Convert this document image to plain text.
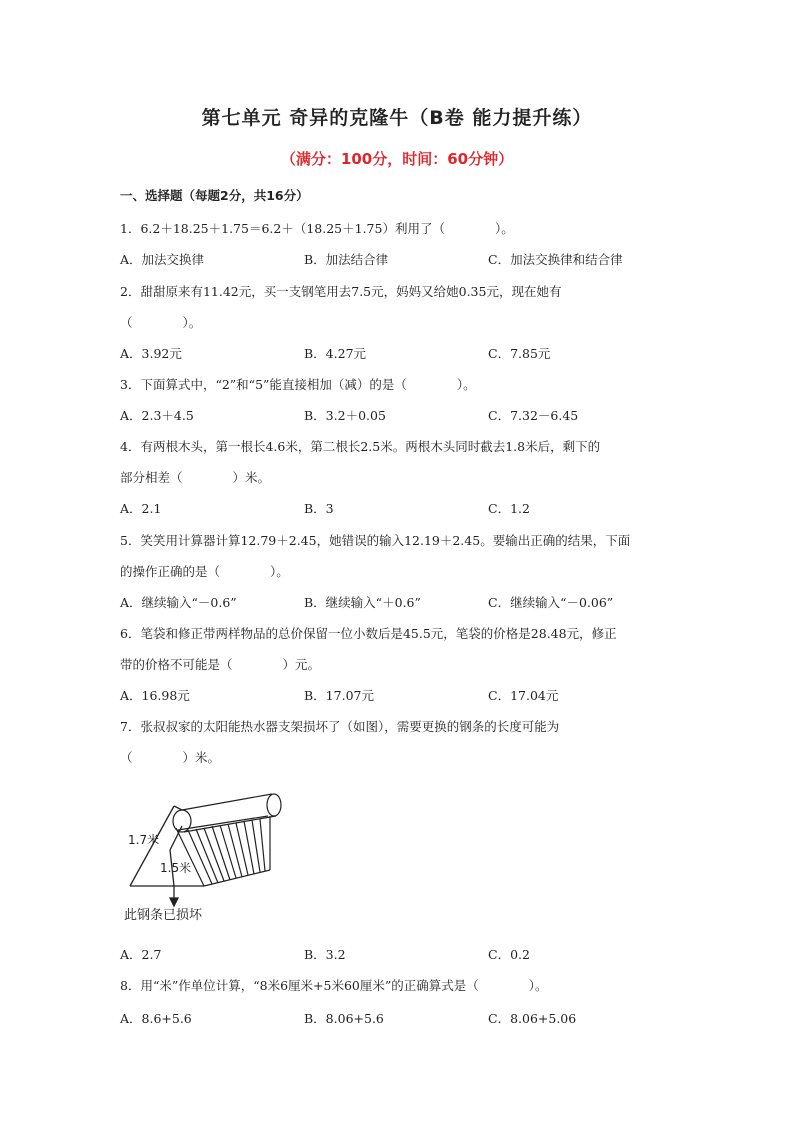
第七单元 奇异的克隆牛（B卷 能力提升练）
（满分：100分，时间：60分钟）
一、选择题（每题2分，共16分）
1．6.2＋18.25＋1.75＝6.2＋（18.25＋1.75）利用了（　　　　）。
A．加法交换律	B．加法结合律	C．加法交换律和结合律
2．甜甜原来有11.42元，买一支钢笔用去7.5元，妈妈又给她0.35元，现在她有
（　　　　）。
A．3.92元	B．4.27元	C．7.85元
3．下面算式中，“2”和“5”能直接相加（减）的是（　　　　）。
A．2.3＋4.5	B．3.2＋0.05	C．7.32－6.45
4．有两根木头，第一根长4.6米，第二根长2.5米。两根木头同时截去1.8米后，剩下的
部分相差（　　　　）米。
A．2.1	B．3	C．1.2
5．笑笑用计算器计算12.79＋2.45，她错误的输入12.19＋2.45。要输出正确的结果，下面
的操作正确的是（　　　　）。
A．继续输入“－0.6”	B．继续输入“＋0.6”	C．继续输入“－0.06”
6．笔袋和修正带两样物品的总价保留一位小数后是45.5元，笔袋的价格是28.48元，修正
带的价格不可能是（　　　　）元。
A．16.98元	B．17.07元	C．17.04元
7．张叔叔家的太阳能热水器支架损坏了（如图），需要更换的钢条的长度可能为
（　　　　）米。
1.7米
1.5米
此钢条已损坏
A．2.7	B．3.2	C．0.2
8．用“米”作单位计算，“8米6厘米+5米60厘米”的正确算式是（　　　　）。
A．8.6+5.6	B．8.06+5.6	C．8.06+5.06
